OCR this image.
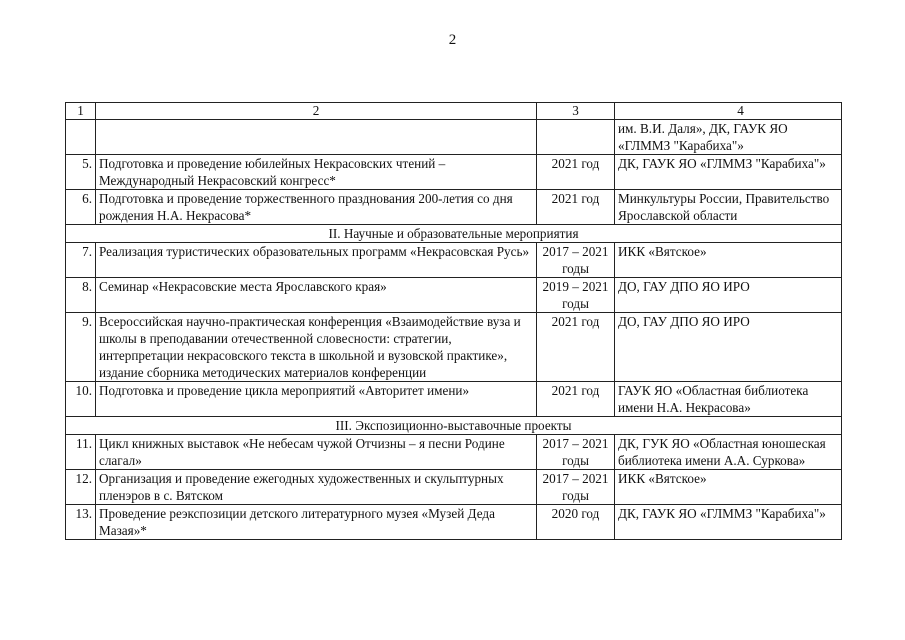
2
1	2	3	4
			им. В.И. Даля», ДК, ГАУК ЯО «ГЛММЗ "Карабиха"»
5.	Подготовка и проведение юбилейных Некрасовских чтений – Международный Некрасовский конгресс*	2021 год	ДК, ГАУК ЯО «ГЛММЗ "Карабиха"»
6.	Подготовка и проведение торжественного празднования 200-летия со дня рождения Н.А. Некрасова*	2021 год	Минкультуры России, Правительство Ярославской области
II. Научные и образовательные мероприятия			
7.	Реализация туристических образовательных программ «Некрасовская Русь»	2017 – 2021 годы	ИКК «Вятское»
8.	Семинар «Некрасовские места Ярославского края»	2019 – 2021 годы	ДО, ГАУ ДПО ЯО ИРО
9.	Всероссийская научно-практическая конференция «Взаимодействие вуза и школы в преподавании отечественной словесности: стратегии, интерпретации некрасовского текста в школьной и вузовской практике», издание сборника методических материалов конференции	2021 год	ДО, ГАУ ДПО ЯО ИРО
10.	Подготовка и проведение цикла мероприятий «Авторитет имени»	2021 год	ГАУК ЯО «Областная библиотека имени Н.А. Некрасова»
III. Экспозиционно-выставочные проекты			
11.	Цикл книжных выставок «Не небесам чужой Отчизны – я песни Родине слагал»	2017 – 2021 годы	ДК, ГУК ЯО «Областная юношеская библиотека имени А.А. Суркова»
12.	Организация и проведение ежегодных художественных и скульптурных пленэров в с. Вятском	2017 – 2021 годы	ИКК «Вятское»
13.	Проведение реэкспозиции детского литературного музея «Музей Деда Мазая»*	2020 год	ДК, ГАУК ЯО «ГЛММЗ "Карабиха"»
